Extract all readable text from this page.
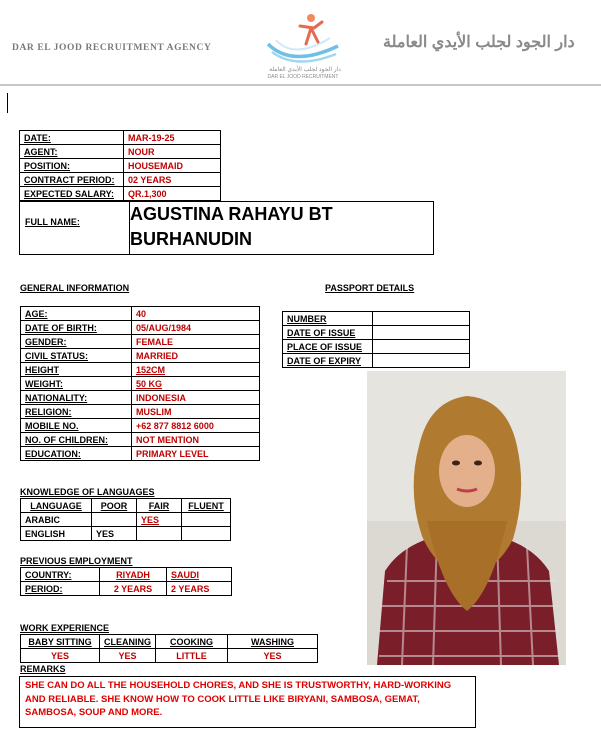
DAR EL JOOD RECRUITMENT AGENCY
دار الجود لجلب الأيدي العاملة
DAR EL JOOD RECRUITMENT
دار الجود لجلب الأيدي العاملة
DATE:	MAR-19-25
AGENT:	NOUR
POSITION:	HOUSEMAID
CONTRACT PERIOD:	02 YEARS
EXPECTED SALARY:	QR.1,300
FULL NAME:	AGUSTINA RAHAYU BT
BURHANUDIN
GENERAL INFORMATION	PASSPORT DETAILS
AGE:	40
DATE OF BIRTH:	05/AUG/1984
GENDER:	FEMALE
CIVIL STATUS:	MARRIED
HEIGHT	152CM
WEIGHT:	50 KG
NATIONALITY:	INDONESIA
RELIGION:	MUSLIM
MOBILE NO.	+62 877 8812 6000
NO. OF CHILDREN:	NOT MENTION
EDUCATION:	PRIMARY LEVEL
NUMBER	
DATE OF ISSUE	
PLACE OF ISSUE	
DATE OF EXPIRY	
KNOWLEDGE OF LANGUAGES
LANGUAGE	POOR	FAIR	FLUENT
ARABIC		YES	
ENGLISH	YES		
PREVIOUS EMPLOYMENT
COUNTRY:	RIYADH	SAUDI
PERIOD:	2 YEARS	2 YEARS
WORK EXPERIENCE
BABY SITTING	CLEANING	COOKING	WASHING
YES	YES	LITTLE	YES
REMARKS
SHE CAN DO ALL THE HOUSEHOLD CHORES, AND SHE IS TRUSTWORTHY, HARD-WORKING AND RELIABLE. SHE KNOW HOW TO COOK LITTLE LIKE BIRYANI, SAMBOSA, GEMAT, SAMBOSA, SOUP AND MORE.
